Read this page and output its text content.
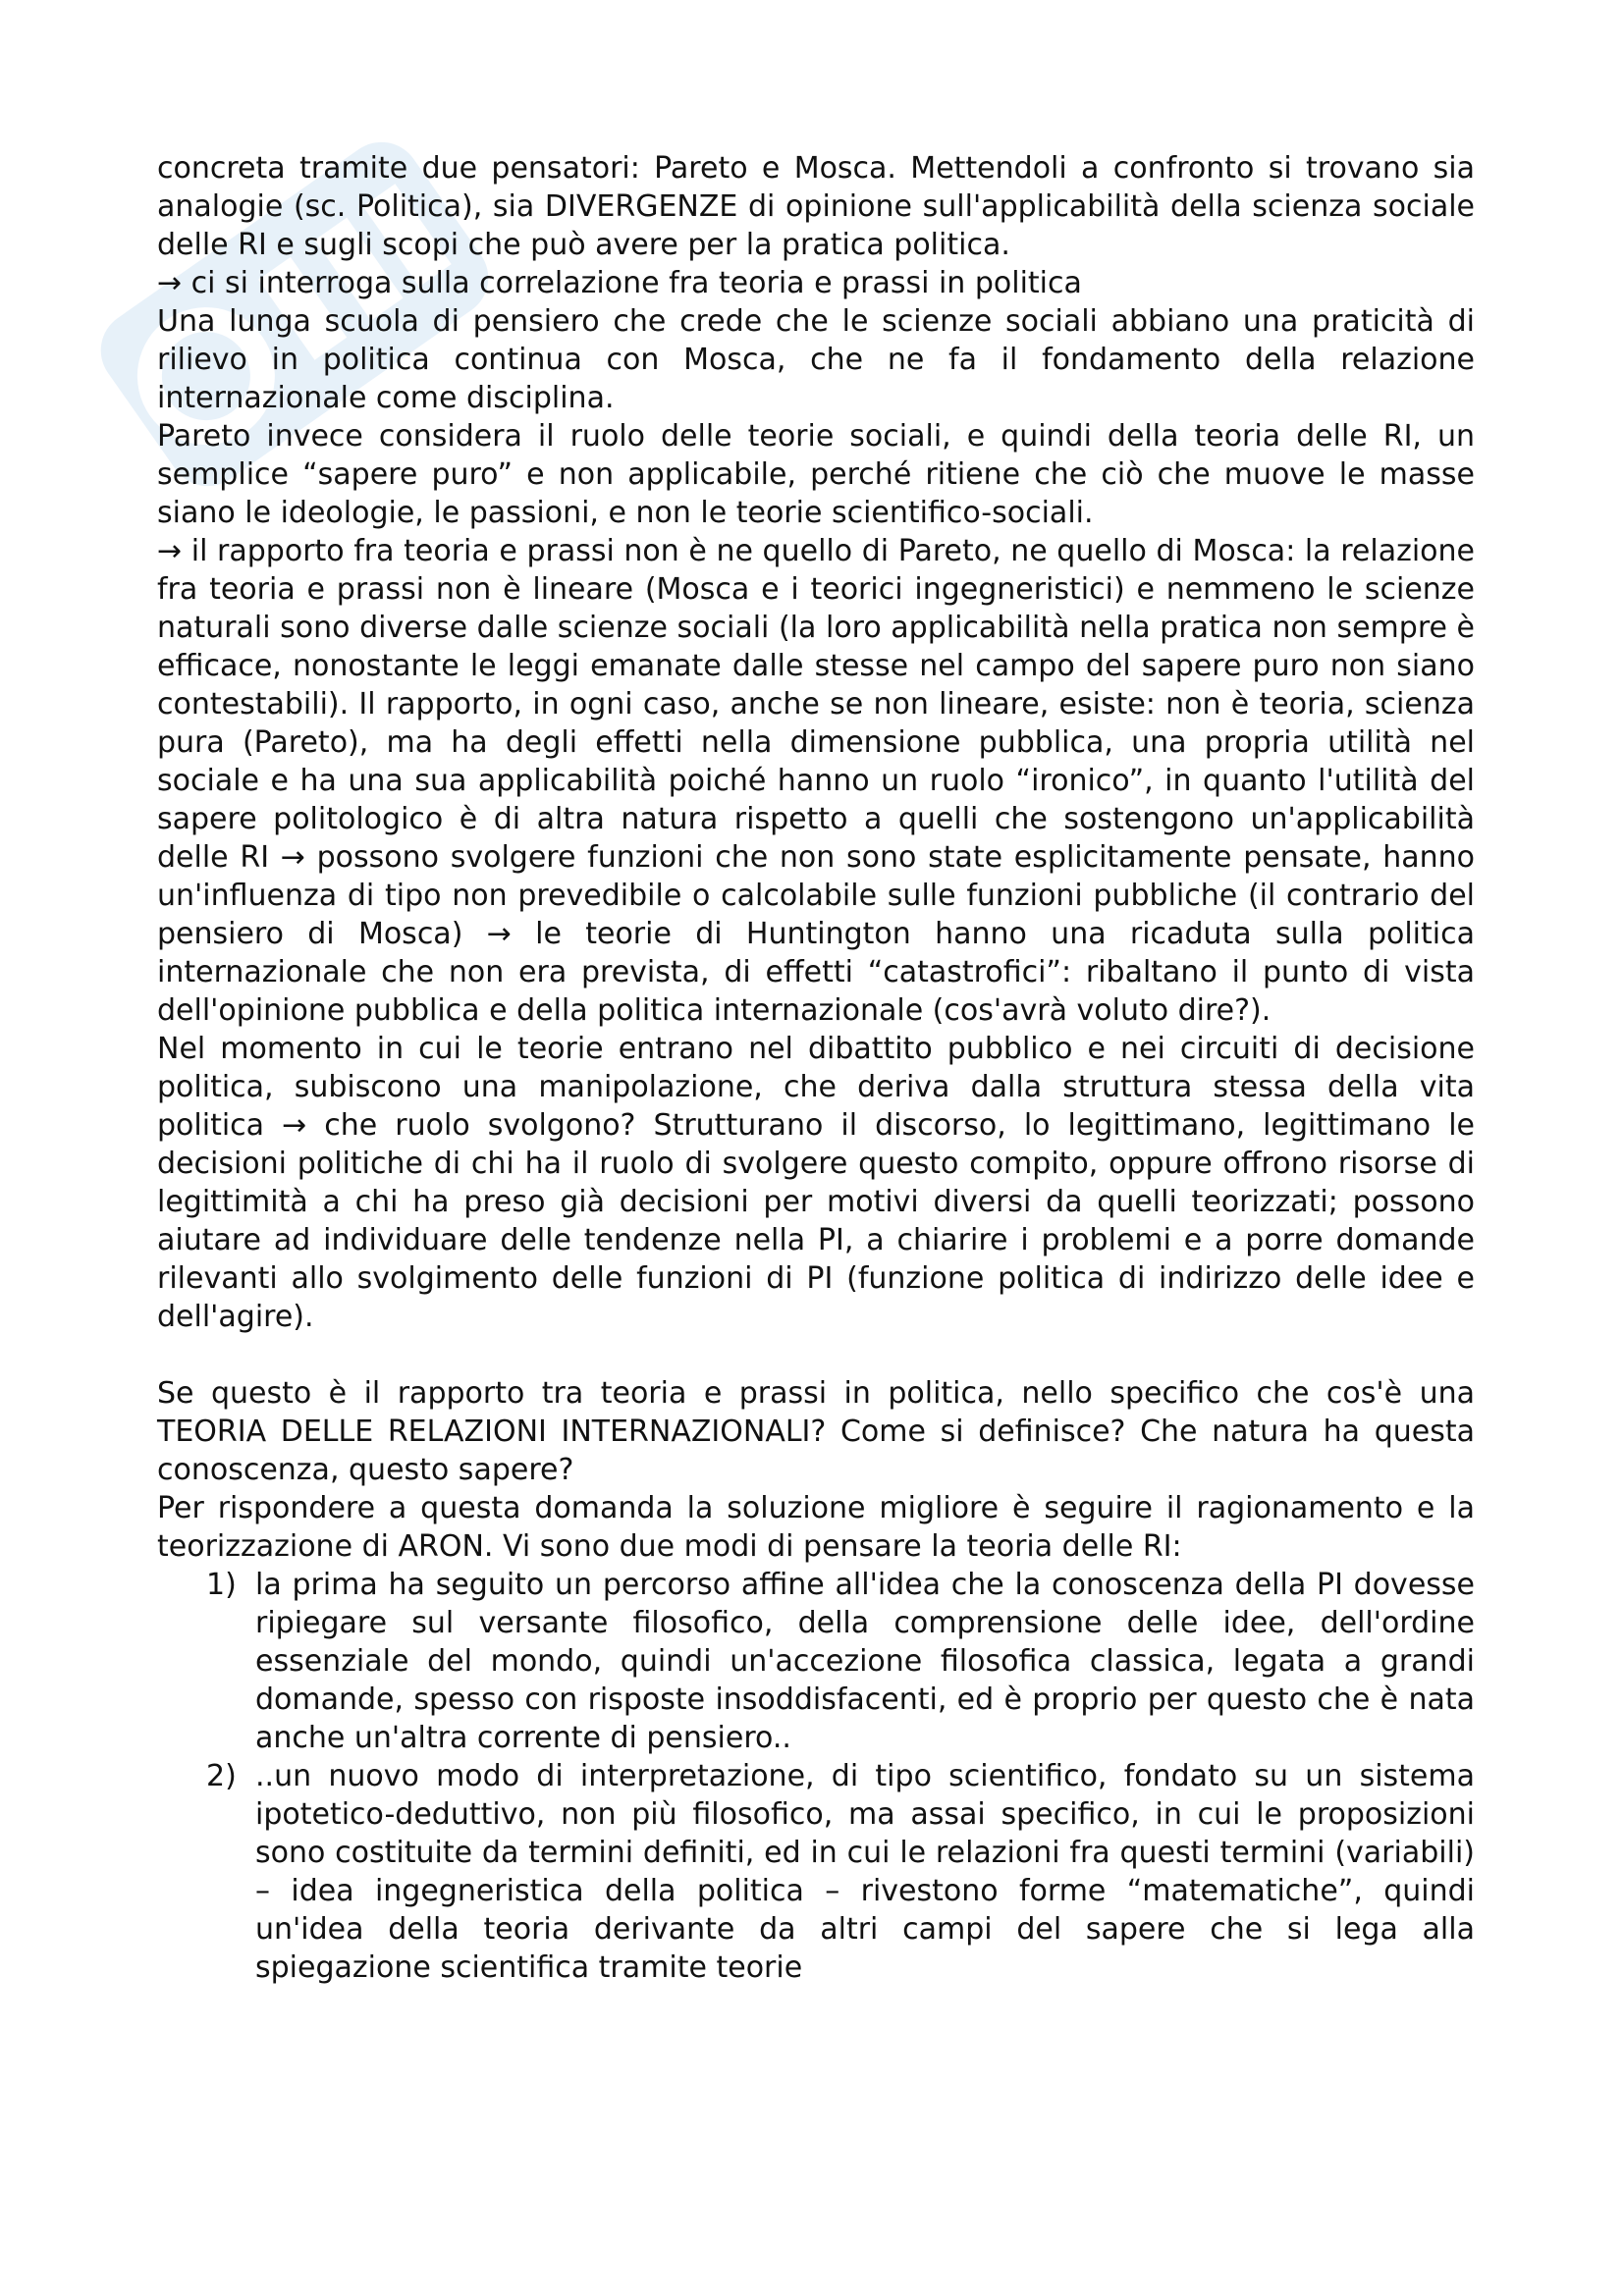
concreta tramite due pensatori: Pareto e Mosca. Mettendoli a confronto si trovano sia analogie (sc. Politica), sia DIVERGENZE di opinione sull'applicabilità della scienza sociale delle RI e sugli scopi che può avere per la pratica politica.

→ ci si interroga sulla correlazione fra teoria e prassi in politica

Una lunga scuola di pensiero che crede che le scienze sociali abbiano una praticità di rilievo in politica continua con Mosca, che ne fa il fondamento della relazione internazionale come disciplina.

Pareto invece considera il ruolo delle teorie sociali, e quindi della teoria delle RI, un semplice “sapere puro” e non applicabile, perché ritiene che ciò che muove le masse siano le ideologie, le passioni, e non le teorie scientifico-sociali.

→ il rapporto fra teoria e prassi non è ne quello di Pareto, ne quello di Mosca: la relazione fra teoria e prassi non è lineare (Mosca e i teorici ingegneristici) e nemmeno le scienze naturali sono diverse dalle scienze sociali (la loro applicabilità nella pratica non sempre è efficace, nonostante le leggi emanate dalle stesse nel campo del sapere puro non siano contestabili). Il rapporto, in ogni caso, anche se non lineare, esiste: non è teoria, scienza pura (Pareto), ma ha degli effetti nella dimensione pubblica, una propria utilità nel sociale e ha una sua applicabilità poiché hanno un ruolo “ironico”, in quanto l'utilità del sapere politologico è di altra natura rispetto a quelli che sostengono un'applicabilità delle RI → possono svolgere funzioni che non sono state esplicitamente pensate, hanno un'influenza di tipo non prevedibile o calcolabile sulle funzioni pubbliche (il contrario del pensiero di Mosca) → le teorie di Huntington hanno una ricaduta sulla politica internazionale che non era prevista, di effetti “catastrofici”: ribaltano il punto di vista dell'opinione pubblica e della politica internazionale (cos'avrà voluto dire?).

Nel momento in cui le teorie entrano nel dibattito pubblico e nei circuiti di decisione politica, subiscono una manipolazione, che deriva dalla struttura stessa della vita politica → che ruolo svolgono? Strutturano il discorso, lo legittimano, legittimano le decisioni politiche di chi ha il ruolo di svolgere questo compito, oppure offrono risorse di legittimità a chi ha preso già decisioni per motivi diversi da quelli teorizzati; possono aiutare ad individuare delle tendenze nella PI, a chiarire i problemi e a porre domande rilevanti allo svolgimento delle funzioni di PI (funzione politica di indirizzo delle idee e dell'agire).

Se questo è il rapporto tra teoria e prassi in politica, nello specifico che cos'è una TEORIA DELLE RELAZIONI INTERNAZIONALI? Come si definisce? Che natura ha questa conoscenza, questo sapere?

Per rispondere a questa domanda la soluzione migliore è seguire il ragionamento e la teorizzazione di ARON. Vi sono due modi di pensare la teoria delle RI:

1) la prima ha seguito un percorso affine all'idea che la conoscenza della PI dovesse ripiegare sul versante filosofico, della comprensione delle idee, dell'ordine essenziale del mondo, quindi un'accezione filosofica classica, legata a grandi domande, spesso con risposte insoddisfacenti, ed è proprio per questo che è nata anche un'altra corrente di pensiero..
2) ..un nuovo modo di interpretazione, di tipo scientifico, fondato su un sistema ipotetico-deduttivo, non più filosofico, ma assai specifico, in cui le proposizioni sono costituite da termini definiti, ed in cui le relazioni fra questi termini (variabili) – idea ingegneristica della politica – rivestono forme “matematiche”, quindi un'idea della teoria derivante da altri campi del sapere che si lega alla spiegazione scientifica tramite teorie
